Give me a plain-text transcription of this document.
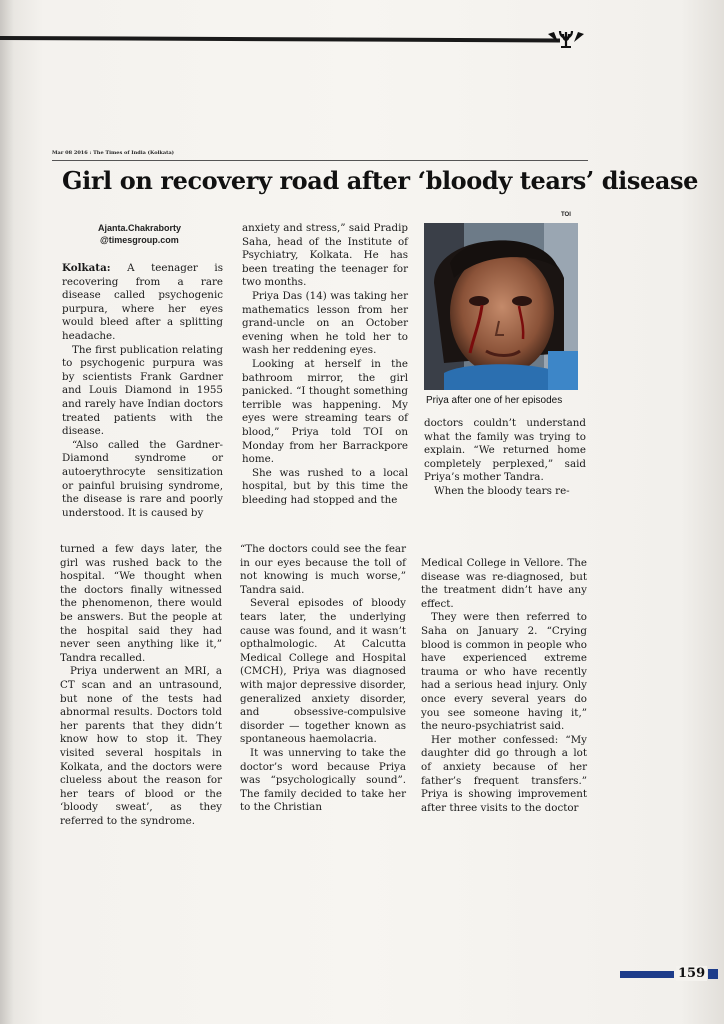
Mar 08 2016 : The Times of India (Kolkata)
Girl on recovery road after ‘bloody tears’ disease
Ajanta.Chakraborty
@timesgroup.com

Kolkata: A teenager is recovering from a rare disease called psychogenic purpura, where her eyes would bleed after a splitting headache.

The first publication relating to psychogenic purpura was by scientists Frank Gardner and Louis Diamond in 1955 and rarely have Indian doctors treated patients with the disease.

“Also called the Gardner-Diamond syndrome or autoerythrocyte sensitization or painful bruising syndrome, the disease is rare and poorly understood. It is caused by

anxiety and stress,” said Pradip Saha, head of the Institute of Psychiatry, Kolkata. He has been treating the teenager for two months.

Priya Das (14) was taking her mathematics lesson from her grand-uncle on an October evening when he told her to wash her reddening eyes.

Looking at herself in the bathroom mirror, the girl panicked. “I thought something terrible was happening. My eyes were streaming tears of blood,” Priya told TOI on Monday from her Barrackpore home.

She was rushed to a local hospital, but by this time the bleeding had stopped and the

doctors couldn’t understand what the family was trying to explain. “We returned home completely perplexed,” said Priya’s mother Tandra.

When the bloody tears re-

TOI
Priya after one of her episodes

turned a few days later, the girl was rushed back to the hospital. “We thought when the doctors finally witnessed the phenomenon, there would be answers. But the people at the hospital said they had never seen anything like it,” Tandra recalled.

Priya underwent an MRI, a CT scan and an untrasound, but none of the tests had abnormal results. Doctors told her parents that they didn’t know how to stop it. They visited several hospitals in Kolkata, and the doctors were clueless about the reason for her tears of blood or the ‘bloody sweat’, as they referred to the syndrome.

“The doctors could see the fear in our eyes because the toll of not knowing is much worse,” Tandra said.

Several episodes of bloody tears later, the underlying cause was found, and it wasn’t opthalmologic. At Calcutta Medical College and Hospital (CMCH), Priya was diagnosed with major depressive disorder, generalized anxiety disorder, and obsessive-compulsive disorder — together known as spontaneous haemolacria.

It was unnerving to take the doctor’s word because Priya was “psychologically sound”. The family decided to take her to the Christian

Medical College in Vellore. The disease was re-diagnosed, but the treatment didn’t have any effect.

They were then referred to Saha on January 2. “Crying blood is common in people who have experienced extreme trauma or who have recently had a serious head injury. Only once every several years do you see someone having it,” the neuro-psychiatrist said.

Her mother confessed: “My daughter did go through a lot of anxiety because of her father’s frequent transfers.” Priya is showing improvement after three visits to the doctor

159
